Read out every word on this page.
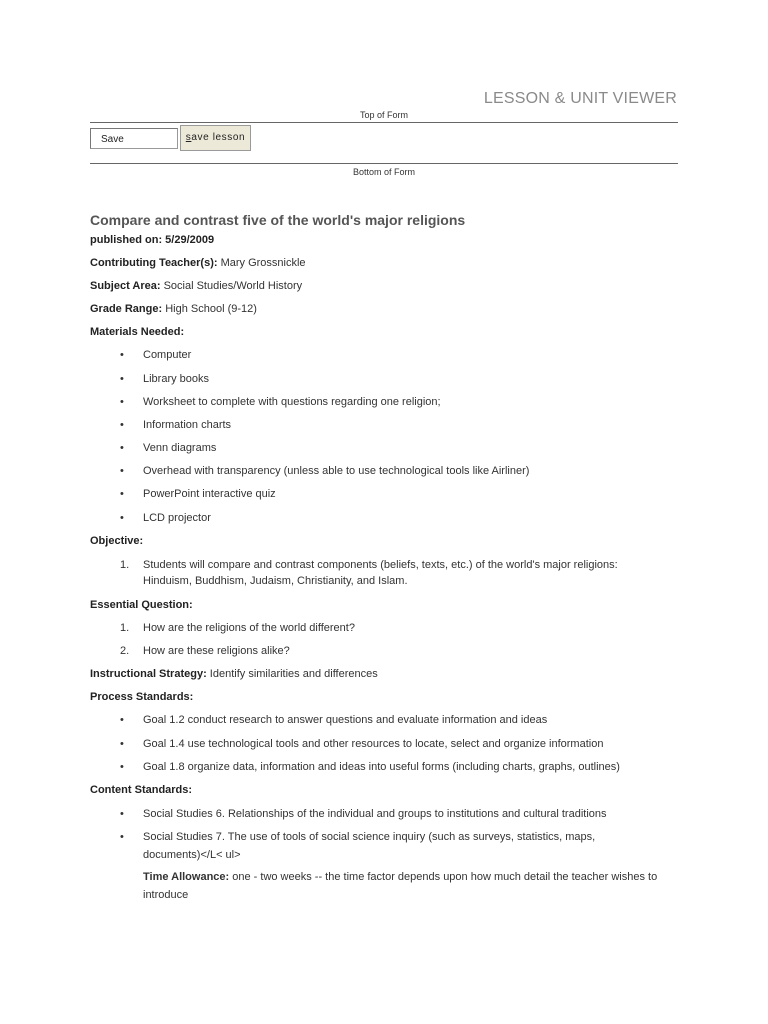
LESSON & UNIT VIEWER
Top of Form
Save	save lesson
Bottom of Form
Compare and contrast five of the world's major religions
published on: 5/29/2009
Contributing Teacher(s): Mary Grossnickle
Subject Area: Social Studies/World History
Grade Range: High School (9-12)
Materials Needed:
• Computer
• Library books
• Worksheet to complete with questions regarding one religion;
• Information charts
• Venn diagrams
• Overhead with transparency (unless able to use technological tools like Airliner)
• PowerPoint interactive quiz
• LCD projector
Objective:
1. Students will compare and contrast components (beliefs, texts, etc.) of the world's major religions:
Hinduism, Buddhism, Judaism, Christianity, and Islam.
Essential Question:
1. How are the religions of the world different?
2. How are these religions alike?
Instructional Strategy: Identify similarities and differences
Process Standards:
• Goal 1.2 conduct research to answer questions and evaluate information and ideas
• Goal 1.4 use technological tools and other resources to locate, select and organize information
• Goal 1.8 organize data, information and ideas into useful forms (including charts, graphs, outlines)
Content Standards:
• Social Studies 6. Relationships of the individual and groups to institutions and cultural traditions
• Social Studies 7. The use of tools of social science inquiry (such as surveys, statistics, maps,
documents)</L< ul>
Time Allowance: one - two weeks -- the time factor depends upon how much detail the teacher wishes to
introduce
